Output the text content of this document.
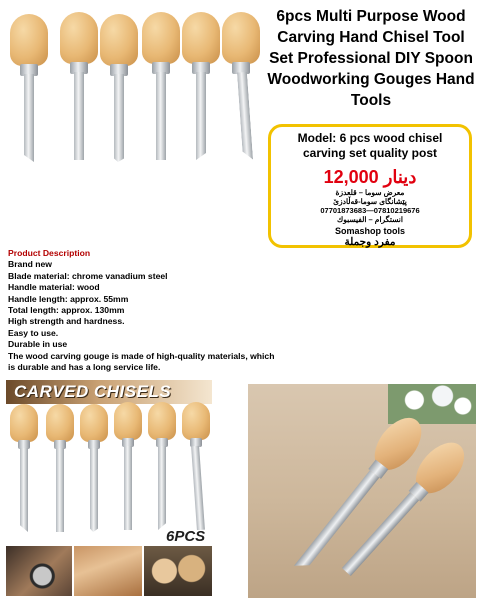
6pcs Multi Purpose Wood Carving Hand Chisel Tool Set Professional DIY Spoon Woodworking Gouges Hand Tools
Model: 6 pcs wood chisel carving set quality post
12,000 دينار
معرض سوما – قلعدزة
پێشانگای سوما-قەڵادزێ
07701873683—07810219676
انستگرام – الفيسبوك
Somashop tools
مفرد وجملة
Product Description
Brand new
Blade material: chrome vanadium steel
Handle material: wood
Handle length: approx. 55mm
Total length: approx. 130mm
High strength and hardness.
Easy to use.
Durable in use
The wood carving gouge is made of high-quality materials, which is durable and has a long service life.
CARVED CHISELS
6PCS
